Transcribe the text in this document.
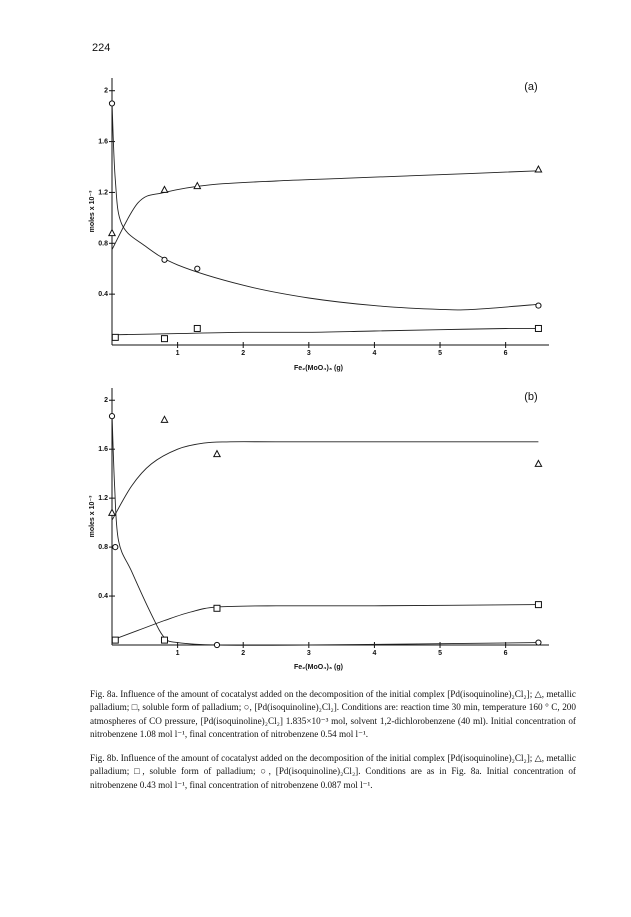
224
1	2	3	4	5	6
0.4
0.8
1.2
1.6
2
moles x 10⁻³
Fe₂(MoO₄)₃ (g)
(a)
1	2	3	4	5	6
0.4
0.8
1.2
1.6
2
moles x 10⁻³
Fe₂(MoO₄)₃ (g)
(b)
Fig. 8a. Influence of the amount of cocatalyst added on the decomposition of the initial complex [Pd(isoquinoline)₂Cl₂]; △, metallic palladium; □, soluble form of palladium; ○, [Pd(isoquinoline)₂Cl₂]. Conditions are: reaction time 30 min, temperature 160 ° C, 200 atmospheres of CO pressure, [Pd(isoquinoline)₂Cl₂] 1.835×10⁻³ mol, solvent 1,2-dichlorobenzene (40 ml). Initial concentration of nitrobenzene 1.08 mol l⁻¹, final concentration of nitrobenzene 0.54 mol l⁻¹.
Fig. 8b. Influence of the amount of cocatalyst added on the decomposition of the initial complex [Pd(isoquinoline)₂Cl₂]; △, metallic palladium; □, soluble form of palladium; ○, [Pd(isoquinoline)₂Cl₂]. Conditions are as in Fig. 8a. Initial concentration of nitrobenzene 0.43 mol l⁻¹, final concentration of nitrobenzene 0.087 mol l⁻¹.
